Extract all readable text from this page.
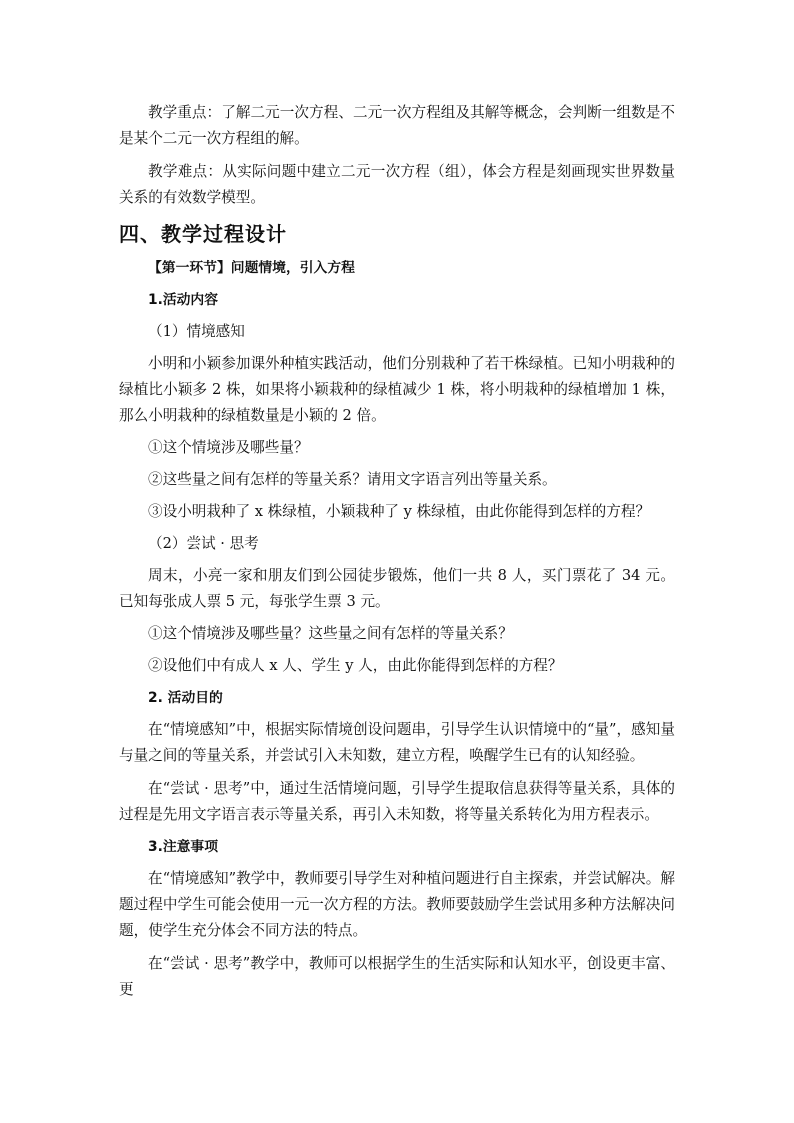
教学重点：了解二元一次方程、二元一次方程组及其解等概念，会判断一组数是不是某个二元一次方程组的解。

教学难点：从实际问题中建立二元一次方程（组），体会方程是刻画现实世界数量关系的有效数学模型。

四、教学过程设计

【第一环节】问题情境，引入方程

1.活动内容

（1）情境感知

小明和小颖参加课外种植实践活动，他们分别栽种了若干株绿植。已知小明栽种的绿植比小颖多 2 株，如果将小颖栽种的绿植减少 1 株，将小明栽种的绿植增加 1 株，那么小明栽种的绿植数量是小颖的 2 倍。

①这个情境涉及哪些量？

②这些量之间有怎样的等量关系？请用文字语言列出等量关系。

③设小明栽种了 x 株绿植，小颖栽种了 y 株绿植，由此你能得到怎样的方程？

（2）尝试 · 思考

周末，小亮一家和朋友们到公园徒步锻炼，他们一共 8 人，买门票花了 34 元。已知每张成人票 5 元，每张学生票 3 元。

①这个情境涉及哪些量？这些量之间有怎样的等量关系？

②设他们中有成人 x 人、学生 y 人，由此你能得到怎样的方程？

2. 活动目的

在“情境感知”中，根据实际情境创设问题串，引导学生认识情境中的“量”，感知量与量之间的等量关系，并尝试引入未知数，建立方程，唤醒学生已有的认知经验。

在“尝试 · 思考”中，通过生活情境问题，引导学生提取信息获得等量关系，具体的过程是先用文字语言表示等量关系，再引入未知数，将等量关系转化为用方程表示。

3.注意事项

在“情境感知”教学中，教师要引导学生对种植问题进行自主探索，并尝试解决。解题过程中学生可能会使用一元一次方程的方法。教师要鼓励学生尝试用多种方法解决问题，使学生充分体会不同方法的特点。

在“尝试 · 思考”教学中，教师可以根据学生的生活实际和认知水平，创设更丰富、更
